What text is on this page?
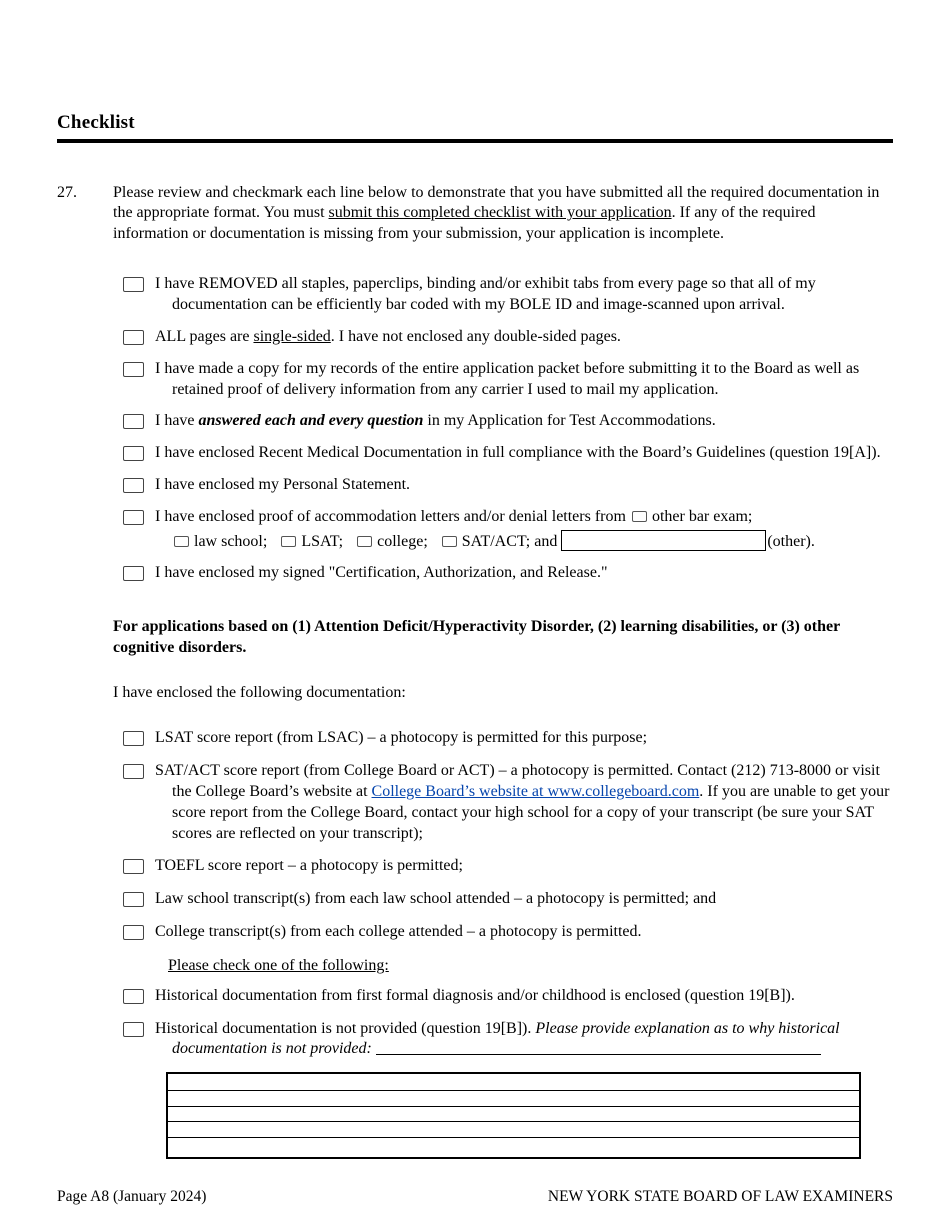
Checklist
27.	Please review and checkmark each line below to demonstrate that you have submitted all the required documentation in the appropriate format. You must submit this completed checklist with your application. If any of the required information or documentation is missing from your submission, your application is incomplete.
I have REMOVED all staples, paperclips, binding and/or exhibit tabs from every page so that all of my documentation can be efficiently bar coded with my BOLE ID and image-scanned upon arrival.
ALL pages are single-sided. I have not enclosed any double-sided pages.
I have made a copy for my records of the entire application packet before submitting it to the Board as well as retained proof of delivery information from any carrier I used to mail my application.
I have answered each and every question in my Application for Test Accommodations.
I have enclosed Recent Medical Documentation in full compliance with the Board’s Guidelines (question 19[A]).
I have enclosed my Personal Statement.
I have enclosed proof of accommodation letters and/or denial letters from other bar exam;
law school; LSAT; college; SAT/ACT; and	(other).
I have enclosed my signed "Certification, Authorization, and Release."
For applications based on (1) Attention Deficit/Hyperactivity Disorder, (2) learning disabilities, or (3) other cognitive disorders.
I have enclosed the following documentation:
LSAT score report (from LSAC) – a photocopy is permitted for this purpose;
SAT/ACT score report (from College Board or ACT) – a photocopy is permitted. Contact (212) 713-8000 or visit the College Board’s website at College Board’s website at www.collegeboard.com. If you are unable to get your score report from the College Board, contact your high school for a copy of your transcript (be sure your SAT scores are reflected on your transcript);
TOEFL score report – a photocopy is permitted;
Law school transcript(s) from each law school attended – a photocopy is permitted; and
College transcript(s) from each college attended – a photocopy is permitted.
Please check one of the following:
Historical documentation from first formal diagnosis and/or childhood is enclosed (question 19[B]).
Historical documentation is not provided (question 19[B]). Please provide explanation as to why historical
documentation is not provided:
Page A8 (January 2024)	NEW YORK STATE BOARD OF LAW EXAMINERS
